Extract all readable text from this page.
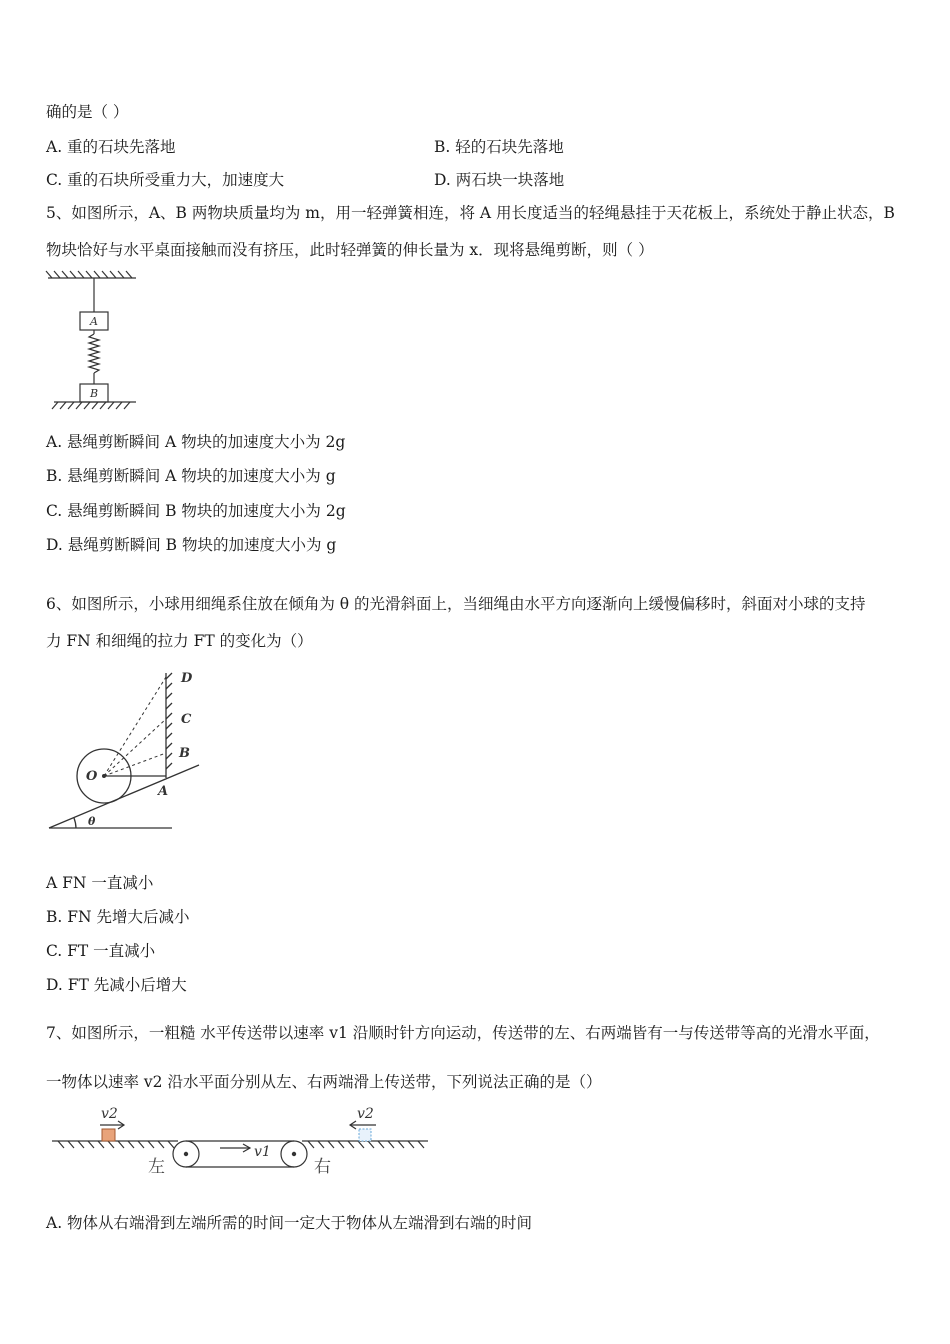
确的是（ ）
A. 重的石块先落地	B. 轻的石块先落地
C. 重的石块所受重力大，加速度大	D. 两石块一块落地
5、如图所示，A、B 两物块质量均为 m，用一轻弹簧相连，将 A 用长度适当的轻绳悬挂于天花板上，系统处于静止状态，B
物块恰好与水平桌面接触而没有挤压，此时轻弹簧的伸长量为 x．现将悬绳剪断，则（ ）
A
B
A. 悬绳剪断瞬间 A 物块的加速度大小为 2g
B. 悬绳剪断瞬间 A 物块的加速度大小为 g
C. 悬绳剪断瞬间 B 物块的加速度大小为 2g
D. 悬绳剪断瞬间 B 物块的加速度大小为 g
6、如图所示，小球用细绳系住放在倾角为 θ 的光滑斜面上，当细绳由水平方向逐渐向上缓慢偏移时，斜面对小球的支持
力 FN 和细绳的拉力 FT 的变化为（）
D
C
B
A
O
θ
A FN 一直减小
B. FN 先增大后减小
C. FT 一直减小
D. FT 先减小后增大
7、如图所示，一粗糙 水平传送带以速率 v1 沿顺时针方向运动，传送带的左、右两端皆有一与传送带等高的光滑水平面，
一物体以速率 v2 沿水平面分别从左、右两端滑上传送带，下列说法正确的是（）
v2	v2
v1
左	右
A. 物体从右端滑到左端所需的时间一定大于物体从左端滑到右端的时间
